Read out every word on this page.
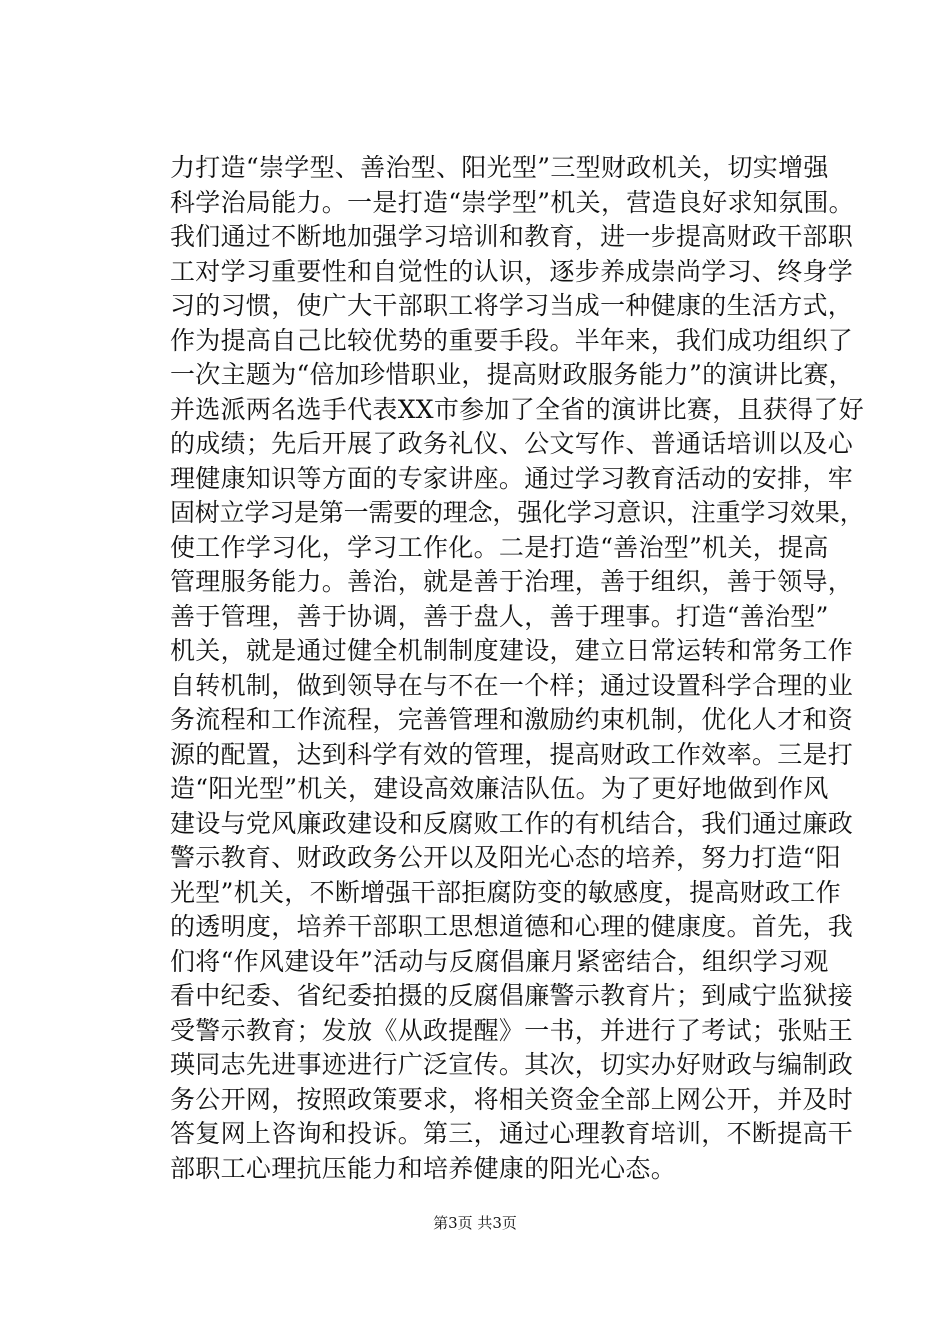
力打造“崇学型、善治型、阳光型”三型财政机关，切实增强
科学治局能力。一是打造“崇学型”机关，营造良好求知氛围。
我们通过不断地加强学习培训和教育，进一步提高财政干部职
工对学习重要性和自觉性的认识，逐步养成崇尚学习、终身学
习的习惯，使广大干部职工将学习当成一种健康的生活方式，
作为提高自己比较优势的重要手段。半年来，我们成功组织了
一次主题为“倍加珍惜职业，提高财政服务能力”的演讲比赛，
并选派两名选手代表XX市参加了全省的演讲比赛，且获得了好
的成绩；先后开展了政务礼仪、公文写作、普通话培训以及心
理健康知识等方面的专家讲座。通过学习教育活动的安排，牢
固树立学习是第一需要的理念，强化学习意识，注重学习效果，
使工作学习化，学习工作化。二是打造“善治型”机关，提高
管理服务能力。善治，就是善于治理，善于组织，善于领导，
善于管理，善于协调，善于盘人，善于理事。打造“善治型”
机关，就是通过健全机制制度建设，建立日常运转和常务工作
自转机制，做到领导在与不在一个样；通过设置科学合理的业
务流程和工作流程，完善管理和激励约束机制，优化人才和资
源的配置，达到科学有效的管理，提高财政工作效率。三是打
造“阳光型”机关，建设高效廉洁队伍。为了更好地做到作风
建设与党风廉政建设和反腐败工作的有机结合，我们通过廉政
警示教育、财政政务公开以及阳光心态的培养，努力打造“阳
光型”机关，不断增强干部拒腐防变的敏感度，提高财政工作
的透明度，培养干部职工思想道德和心理的健康度。首先，我
们将“作风建设年”活动与反腐倡廉月紧密结合，组织学习观
看中纪委、省纪委拍摄的反腐倡廉警示教育片；到咸宁监狱接
受警示教育；发放《从政提醒》一书，并进行了考试；张贴王
瑛同志先进事迹进行广泛宣传。其次，切实办好财政与编制政
务公开网，按照政策要求，将相关资金全部上网公开，并及时
答复网上咨询和投诉。第三，通过心理教育培训，不断提高干
部职工心理抗压能力和培养健康的阳光心态。
第3页 共3页
